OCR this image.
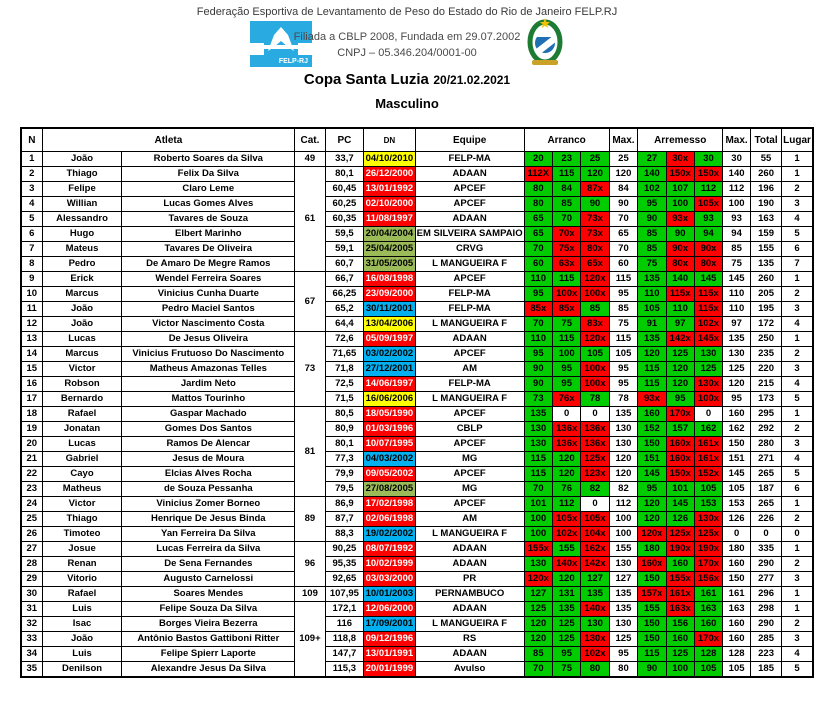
Federação Esportiva de Levantamento de Peso do Estado do Rio de Janeiro FELP.RJ
FELP-RJ
Filiada a CBLP 2008, Fundada em 29.07.2002
CNPJ – 05.346.204/0001-00
Copa Santa Luzia 20/21.02.2021
Masculino
N	Atleta		Cat.	PC	DN	Equipe	Arranco			Max.	Arremesso			Max.	Total	Lugar
1	João	Roberto Soares da Silva	49	33,7	04/10/2010	FELP-MA	20	23	25	25	27	30x	30	30	55	1
2	Thiago	Felix Da Silva	61	80,1	26/12/2000	ADAAN	112X	115	120	120	140	150x	150x	140	260	1
3	Felipe	Claro Leme		60,45	13/01/1992	APCEF	80	84	87x	84	102	107	112	112	196	2
4	Willian	Lucas Gomes Alves		60,25	02/10/2000	APCEF	80	85	90	90	95	100	105x	100	190	3
5	Alessandro	Tavares de Souza		60,35	11/08/1997	ADAAN	65	70	73x	70	90	93x	93	93	163	4
6	Hugo	Elbert Marinho		59,5	20/04/2004	EM SILVEIRA SAMPAIO	65	70x	73x	65	85	90	94	94	159	5
7	Mateus	Tavares De Oliveira		59,1	25/04/2005	CRVG	70	75x	80x	70	85	90x	90x	85	155	6
8	Pedro	De Amaro De Megre Ramos		60,7	31/05/2005	L MANGUEIRA F	60	63x	65x	60	75	80x	80x	75	135	7
9	Erick	Wendel Ferreira Soares	67	66,7	16/08/1998	APCEF	110	115	120x	115	135	140	145	145	260	1
10	Marcus	Vinicius Cunha Duarte		66,25	23/09/2000	FELP-MA	95	100x	100x	95	110	115x	115x	110	205	2
11	João	Pedro Maciel Santos		65,2	30/11/2001	FELP-MA	85x	85x	85	85	105	110	115x	110	195	3
12	João	Victor Nascimento Costa		64,4	13/04/2006	L MANGUEIRA F	70	75	83x	75	91	97	102x	97	172	4
13	Lucas	De Jesus Oliveira	73	72,6	05/09/1997	ADAAN	110	115	120x	115	135	142x	145x	135	250	1
14	Marcus	Vinicius Frutuoso Do Nascimento		71,65	03/02/2002	APCEF	95	100	105	105	120	125	130	130	235	2
15	Victor	Matheus Amazonas Telles		71,8	27/12/2001	AM	90	95	100x	95	115	120	125	125	220	3
16	Robson	Jardim Neto		72,5	14/06/1997	FELP-MA	90	95	100x	95	115	120	130x	120	215	4
17	Bernardo	Mattos Tourinho		71,5	16/06/2006	L MANGUEIRA F	73	76x	78	78	93x	95	100x	95	173	5
18	Rafael	Gaspar Machado	81	80,5	18/05/1990	APCEF	135	0	0	135	160	170x	0	160	295	1
19	Jonatan	Gomes Dos Santos		80,9	01/03/1996	CBLP	130	136x	136x	130	152	157	162	162	292	2
20	Lucas	Ramos De Alencar		80,1	10/07/1995	APCEF	130	136x	136x	130	150	160x	161x	150	280	3
21	Gabriel	Jesus de Moura		77,3	04/03/2002	MG	115	120	125x	120	151	160x	161x	151	271	4
22	Cayo	Elcias Alves Rocha		79,9	09/05/2002	APCEF	115	120	123x	120	145	150x	152x	145	265	5
23	Matheus	de Souza Pessanha		79,5	27/08/2005	MG	70	76	82	82	95	101	105	105	187	6
24	Victor	Vinicius Zomer Borneo	89	86,9	17/02/1998	APCEF	101	112	0	112	120	145	153	153	265	1
25	Thiago	Henrique De Jesus Binda		87,7	02/06/1998	AM	100	105x	105x	100	120	126	130x	126	226	2
26	Timoteo	Yan Ferreira Da Silva		88,3	19/02/2002	L MANGUEIRA F	100	102x	104x	100	120x	125x	125x	0	0	0
27	Josue	Lucas Ferreira da Silva	96	90,25	08/07/1992	ADAAN	155x	155	162x	155	180	190x	190x	180	335	1
28	Renan	De Sena Fernandes		95,35	10/02/1999	ADAAN	130	140x	142x	130	160x	160	170x	160	290	2
29	Vitorio	Augusto Carnelossi		92,65	03/03/2000	PR	120x	120	127	127	150	155x	156x	150	277	3
30	Rafael	Soares Mendes	109	107,95	10/01/2003	PERNAMBUCO	127	131	135	135	157x	161x	161	161	296	1
31	Luis	Felipe Souza Da Silva	109+	172,1	12/06/2000	ADAAN	125	135	140x	135	155	163x	163	163	298	1
32	Isac	Borges Vieira Bezerra		116	17/09/2001	L MANGUEIRA F	120	125	130	130	150	156	160	160	290	2
33	João	Antônio Bastos Gattiboni Ritter		118,8	09/12/1996	RS	120	125	130x	125	150	160	170x	160	285	3
34	Luis	Felipe Spierr Laporte		147,7	13/01/1991	ADAAN	85	95	102x	95	115	125	128	128	223	4
35	Denilson	Alexandre Jesus Da Silva		115,3	20/01/1999	Avulso	70	75	80	80	90	100	105	105	185	5
